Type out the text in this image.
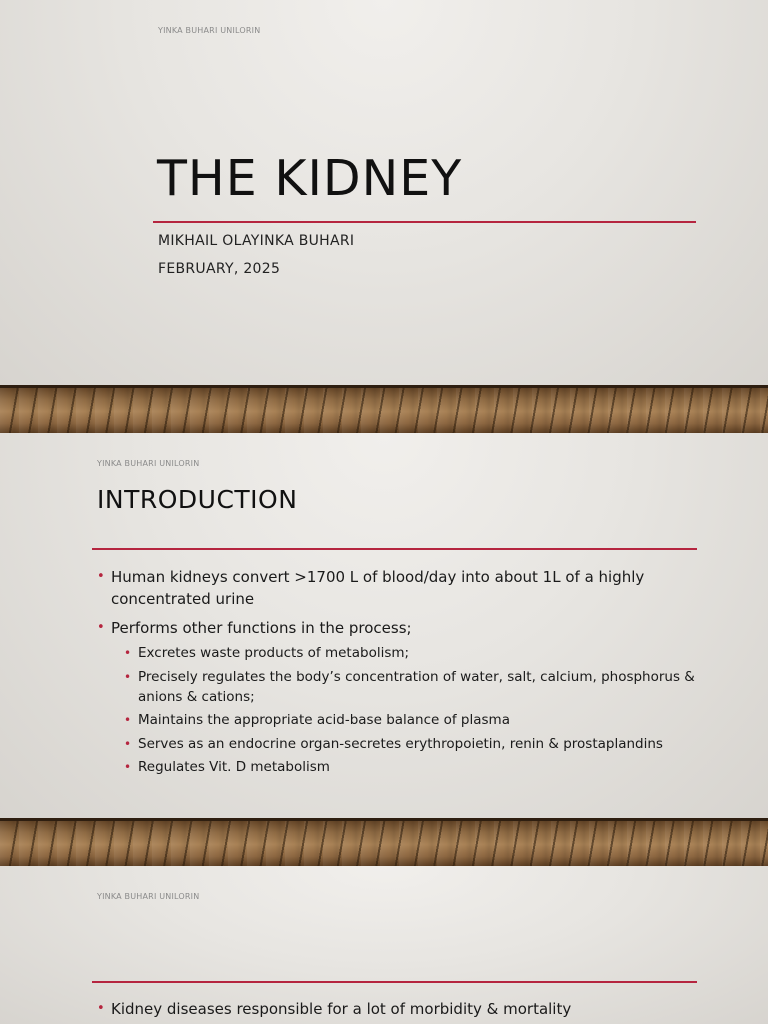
YINKA BUHARI UNILORIN
THE KIDNEY
MIKHAIL OLAYINKA BUHARI
FEBRUARY, 2025
YINKA BUHARI UNILORIN
INTRODUCTION
• Human kidneys convert >1700 L of blood/day into about 1L of a highly concentrated urine
• Performs other functions in the process;
• Excretes waste products of metabolism;
• Precisely regulates the body’s concentration of water, salt, calcium, phosphorus & anions & cations;
• Maintains the appropriate acid-base balance of plasma
• Serves as an endocrine organ-secretes erythropoietin, renin & prostaplandins
• Regulates Vit. D metabolism
YINKA BUHARI UNILORIN
• Kidney diseases responsible for a lot of morbidity & mortality
